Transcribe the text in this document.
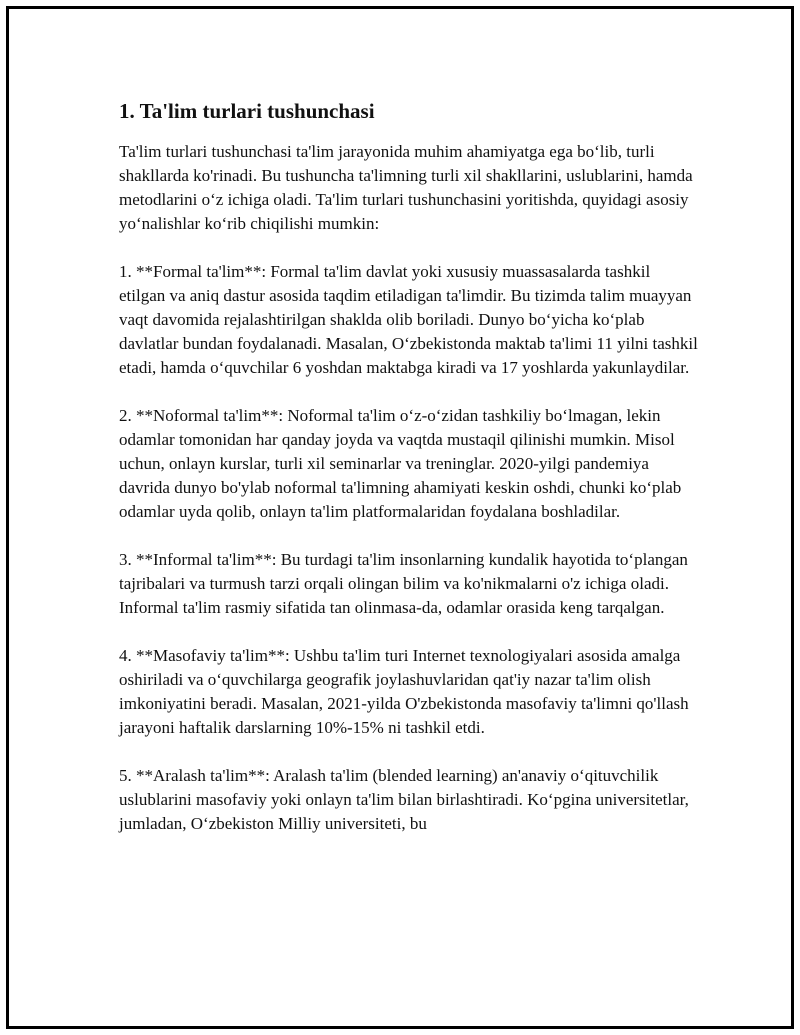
1. Ta'lim turlari tushunchasi

Ta'lim turlari tushunchasi ta'lim jarayonida muhim ahamiyatga ega bo‘lib, turli shakllarda ko'rinadi. Bu tushuncha ta'limning turli xil shakllarini, uslublarini, hamda metodlarini o‘z ichiga oladi. Ta'lim turlari tushunchasini yoritishda, quyidagi asosiy yo‘nalishlar ko‘rib chiqilishi mumkin:

1. **Formal ta'lim**: Formal ta'lim davlat yoki xususiy muassasalarda tashkil etilgan va aniq dastur asosida taqdim etiladigan ta'limdir. Bu tizimda talim muayyan vaqt davomida rejalashtirilgan shaklda olib boriladi. Dunyo bo‘yicha ko‘plab davlatlar bundan foydalanadi. Masalan, O‘zbekistonda maktab ta'limi 11 yilni tashkil etadi, hamda o‘quvchilar 6 yoshdan maktabga kiradi va 17 yoshlarda yakunlaydilar.

2. **Noformal ta'lim**: Noformal ta'lim o‘z-o‘zidan tashkiliy bo‘lmagan, lekin odamlar tomonidan har qanday joyda va vaqtda mustaqil qilinishi mumkin. Misol uchun, onlayn kurslar, turli xil seminarlar va treninglar. 2020-yilgi pandemiya davrida dunyo bo'ylab noformal ta'limning ahamiyati keskin oshdi, chunki ko‘plab odamlar uyda qolib, onlayn ta'lim platformalaridan foydalana boshladilar.

3. **Informal ta'lim**: Bu turdagi ta'lim insonlarning kundalik hayotida to‘plangan tajribalari va turmush tarzi orqali olingan bilim va ko'nikmalarni o'z ichiga oladi. Informal ta'lim rasmiy sifatida tan olinmasa-da, odamlar orasida keng tarqalgan.

4. **Masofaviy ta'lim**: Ushbu ta'lim turi Internet texnologiyalari asosida amalga oshiriladi va o‘quvchilarga geografik joylashuvlaridan qat'iy nazar ta'lim olish imkoniyatini beradi. Masalan, 2021-yilda O'zbekistonda masofaviy ta'limni qo'llash jarayoni haftalik darslarning 10%-15% ni tashkil etdi.

5. **Aralash ta'lim**: Aralash ta'lim (blended learning) an'anaviy o‘qituvchilik uslublarini masofaviy yoki onlayn ta'lim bilan birlashtiradi. Ko‘pgina universitetlar, jumladan, O‘zbekiston Milliy universiteti, bu
